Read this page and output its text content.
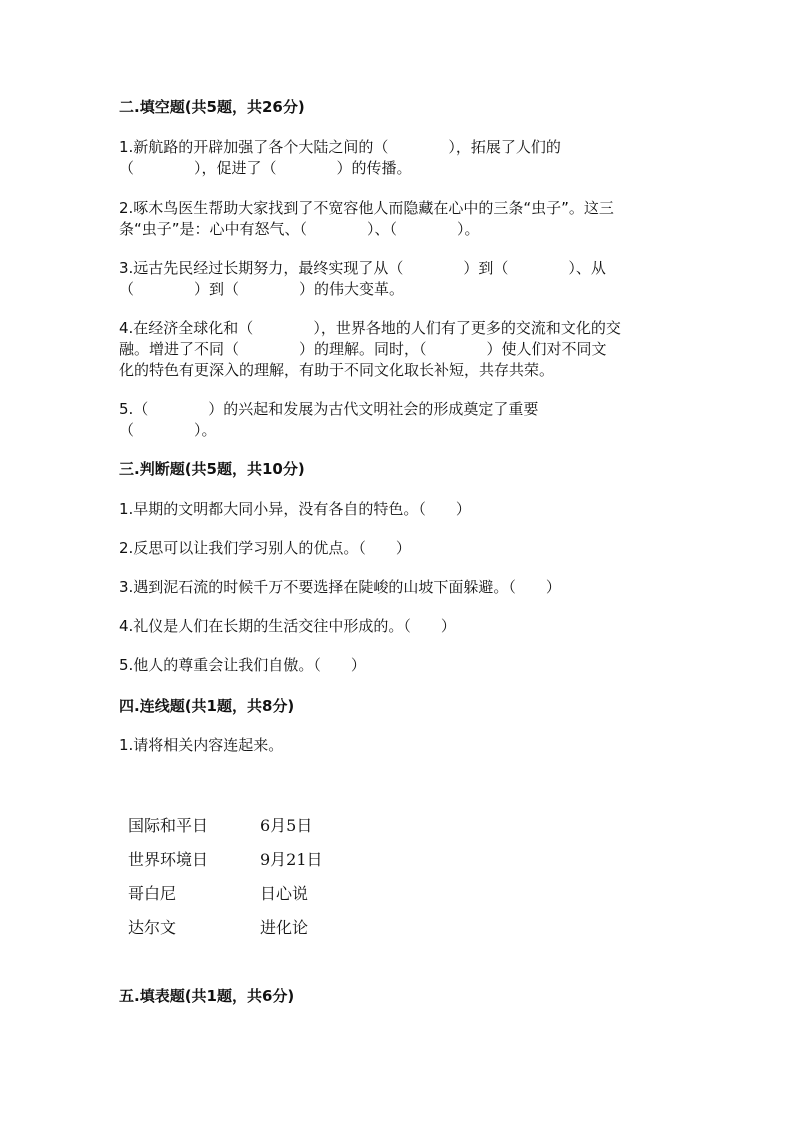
二.填空题(共5题，共26分)
1.新航路的开辟加强了各个大陆之间的（　　　　），拓展了人们的
（　　　　），促进了（　　　　）的传播。
2.啄木鸟医生帮助大家找到了不宽容他人而隐藏在心中的三条“虫子”。这三
条“虫子”是：心中有怒气、（　　　　）、（　　　　）。
3.远古先民经过长期努力，最终实现了从（　　　　）到（　　　　）、从
（　　　　）到（　　　　）的伟大变革。
4.在经济全球化和（　　　　），世界各地的人们有了更多的交流和文化的交
融。增进了不同（　　　　）的理解。同时，（　　　　）使人们对不同文
化的特色有更深入的理解，有助于不同文化取长补短，共存共荣。
5.（　　　　）的兴起和发展为古代文明社会的形成奠定了重要
（　　　　）。
三.判断题(共5题，共10分)
1.早期的文明都大同小异，没有各自的特色。（　　）
2.反思可以让我们学习别人的优点。（　　）
3.遇到泥石流的时候千万不要选择在陡峻的山坡下面躲避。（　　）
4.礼仪是人们在长期的生活交往中形成的。（　　）
5.他人的尊重会让我们自傲。（　　）
四.连线题(共1题，共8分)
1.请将相关内容连起来。
国际和平日	6月5日
世界环境日	9月21日
哥白尼	日心说
达尔文	进化论
五.填表题(共1题，共6分)
